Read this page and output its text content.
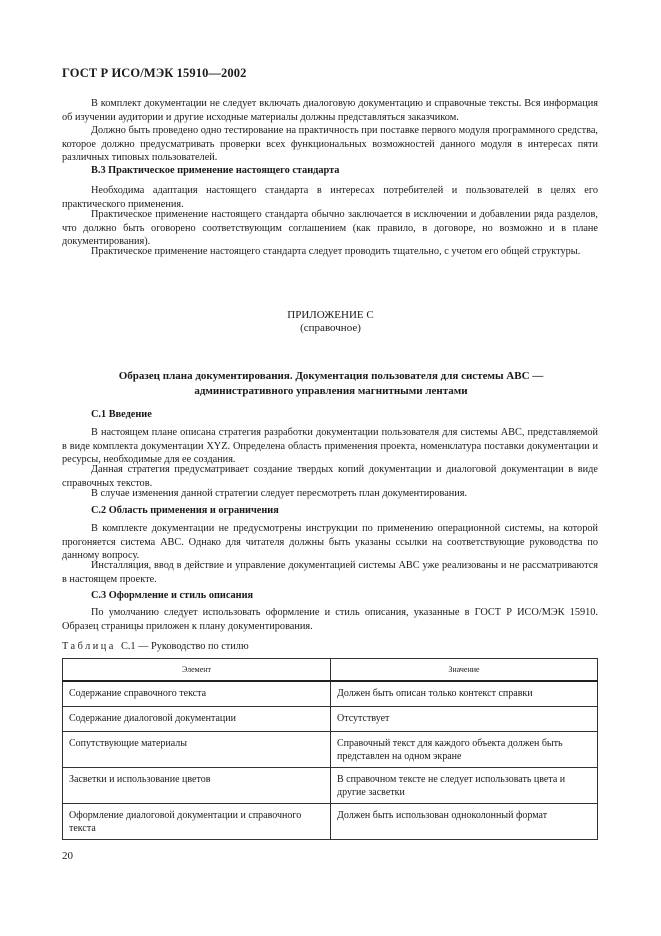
ГОСТ Р ИСО/МЭК 15910—2002

В комплект документации не следует включать диалоговую документацию и справочные тексты. Вся информация об изучении аудитории и другие исходные материалы должны представляться заказчиком.

Должно быть проведено одно тестирование на практичность при поставке первого модуля программного средства, которое должно предусматривать проверки всех функциональных возможностей данного модуля в интересах пяти различных типовых пользователей.

В.3 Практическое применение настоящего стандарта

Необходима адаптация настоящего стандарта в интересах потребителей и пользователей в целях его практического применения.

Практическое применение настоящего стандарта обычно заключается в исключении и добавлении ряда разделов, что должно быть оговорено соответствующим соглашением (как правило, в договоре, но возможно и в плане документирования).

Практическое применение настоящего стандарта следует проводить тщательно, с учетом его общей структуры.

ПРИЛОЖЕНИЕ С
(справочное)
Образец плана документирования. Документация пользователя для системы АВС —
административного управления магнитными лентами
С.1 Введение

В настоящем плане описана стратегия разработки документации пользователя для системы АВС, представляемой в виде комплекта документации XYZ. Определена область применения проекта, номенклатура поставки документации и ресурсы, необходимые для ее создания.

Данная стратегия предусматривает создание твердых копий документации и диалоговой документации в виде справочных текстов.

В случае изменения данной стратегии следует пересмотреть план документирования.

С.2 Область применения и ограничения

В комплекте документации не предусмотрены инструкции по применению операционной системы, на которой прогоняется система АВС. Однако для читателя должны быть указаны ссылки на соответствующие руководства по данному вопросу.

Инсталляция, ввод в действие и управление документацией системы АВС уже реализованы и не рассматриваются в настоящем проекте.

С.3 Оформление и стиль описания

По умолчанию следует использовать оформление и стиль описания, указанные в ГОСТ Р ИСО/МЭК 15910. Образец страницы приложен к плану документирования.

Таблица С.1 — Руководство по стилю
Элемент	Значение
Содержание справочного текста	Должен быть описан только контекст справки
Содержание диалоговой документации	Отсутствует
Сопутствующие материалы	Справочный текст для каждого объекта должен быть представлен на одном экране
Засветки и использование цветов	В справочном тексте не следует использовать цвета и другие засветки
Оформление диалоговой документации и справочного текста	Должен быть использован одноколонный формат
20
